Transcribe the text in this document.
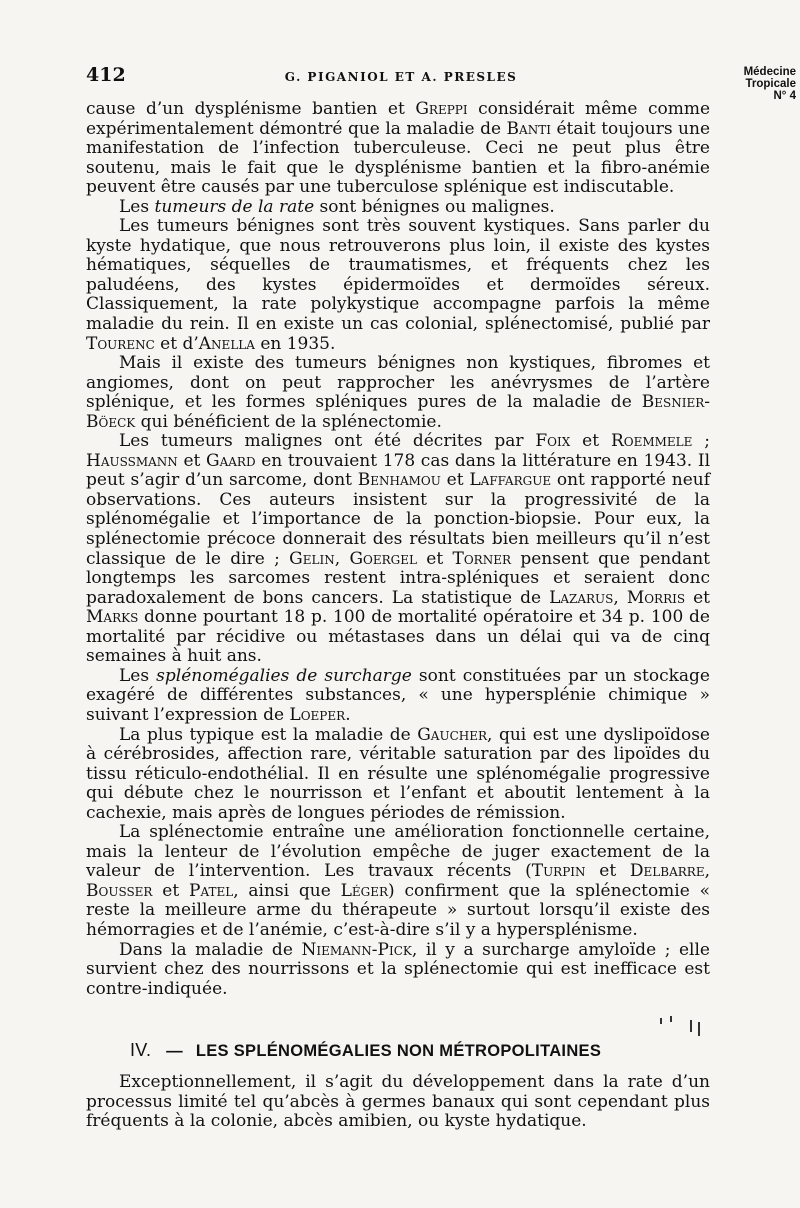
412	G. PIGANIOL ET A. PRESLES	Médecine
Tropicale
N° 4

cause d’un dysplénisme bantien et Greppi considérait même comme expérimentalement démontré que la maladie de Banti était toujours une manifestation de l’infection tuberculeuse. Ceci ne peut plus être soutenu, mais le fait que le dysplénisme bantien et la fibro-anémie peuvent être causés par une tuberculose splénique est indiscutable.

Les tumeurs de la rate sont bénignes ou malignes.

Les tumeurs bénignes sont très souvent kystiques. Sans parler du kyste hydatique, que nous retrouverons plus loin, il existe des kystes hématiques, séquelles de traumatismes, et fréquents chez les paludéens, des kystes épidermoïdes et dermoïdes séreux. Classiquement, la rate polykystique accompagne parfois la même maladie du rein. Il en existe un cas colonial, splénectomisé, publié par Tourenc et d’Anella en 1935.

Mais il existe des tumeurs bénignes non kystiques, fibromes et angiomes, dont on peut rapprocher les anévrysmes de l’artère splénique, et les formes spléniques pures de la maladie de Besnier-Böeck qui bénéficient de la splénectomie.

Les tumeurs malignes ont été décrites par Foix et Roemmele ; Haussmann et Gaard en trouvaient 178 cas dans la littérature en 1943. Il peut s’agir d’un sarcome, dont Benhamou et Laffargue ont rapporté neuf observations. Ces auteurs insistent sur la progressivité de la splénomégalie et l’importance de la ponction-biopsie. Pour eux, la splénectomie précoce donnerait des résultats bien meilleurs qu’il n’est classique de le dire ; Gelin, Goergel et Torner pensent que pendant longtemps les sarcomes restent intra-spléniques et seraient donc paradoxalement de bons cancers. La statistique de Lazarus, Morris et Marks donne pourtant 18 p. 100 de mortalité opératoire et 34 p. 100 de mortalité par récidive ou métastases dans un délai qui va de cinq semaines à huit ans.

Les splénomégalies de surcharge sont constituées par un stockage exagéré de différentes substances, « une hypersplénie chimique » suivant l’expression de Loeper.

La plus typique est la maladie de Gaucher, qui est une dyslipoïdose à cérébrosides, affection rare, véritable saturation par des lipoïdes du tissu réticulo-endothélial. Il en résulte une splénomégalie progressive qui débute chez le nourrisson et l’enfant et aboutit lentement à la cachexie, mais après de longues périodes de rémission.

La splénectomie entraîne une amélioration fonctionnelle certaine, mais la lenteur de l’évolution empêche de juger exactement de la valeur de l’intervention. Les travaux récents (Turpin et Delbarre, Bousser et Patel, ainsi que Léger) confirment que la splénectomie « reste la meilleure arme du thérapeute » surtout lorsqu’il existe des hémorragies et de l’anémie, c’est-à-dire s’il y a hypersplénisme.

Dans la maladie de Niemann-Pick, il y a surcharge amyloïde ; elle survient chez des nourrissons et la splénectomie qui est inefficace est contre-indiquée.

IV. — LES SPLÉNOMÉGALIES NON MÉTROPOLITAINES

Exceptionnellement, il s’agit du développement dans la rate d’un processus limité tel qu’abcès à germes banaux qui sont cependant plus fréquents à la colonie, abcès amibien, ou kyste hydatique.
